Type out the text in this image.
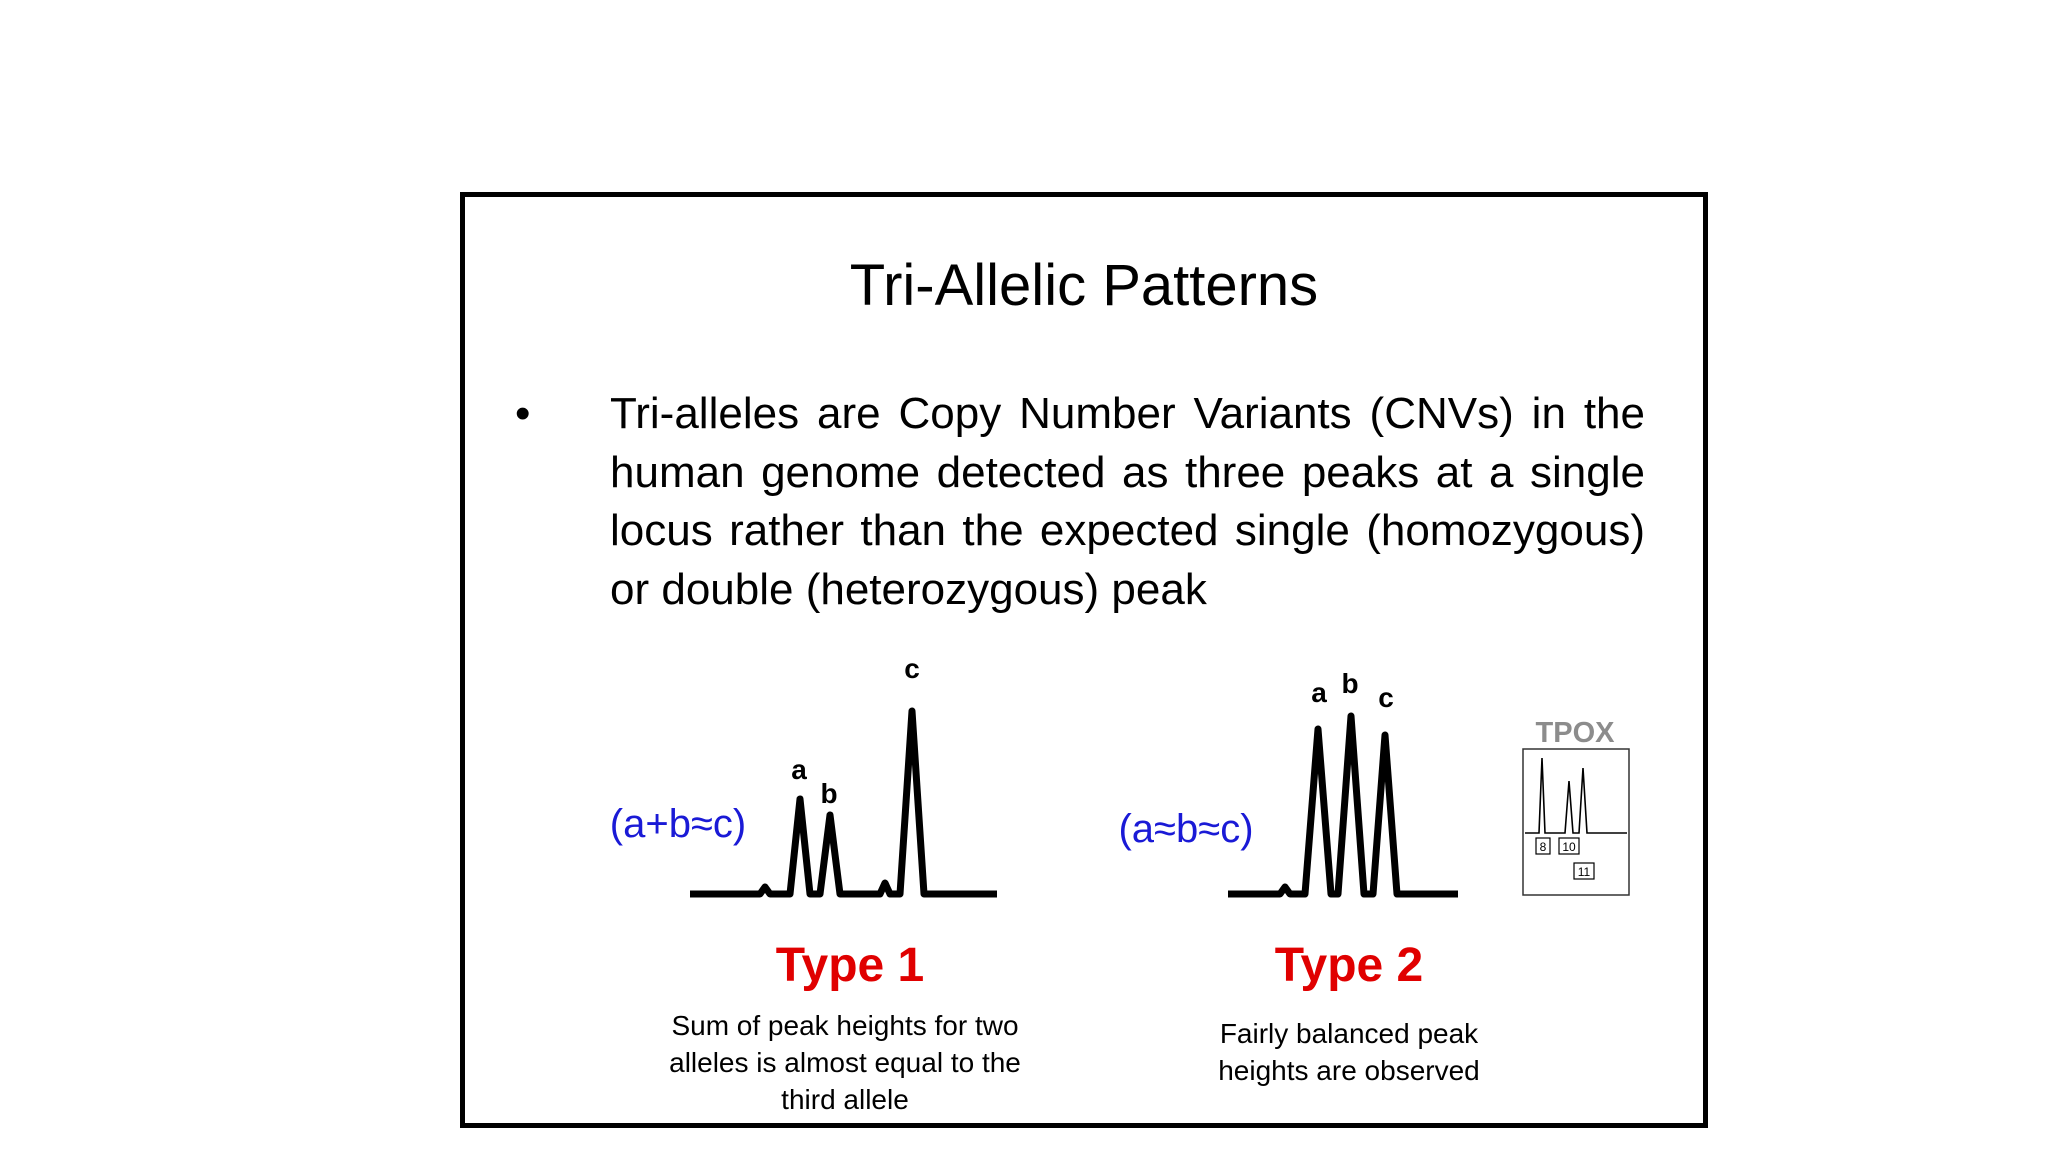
Tri-Allelic Patterns
• Tri-alleles are Copy Number Variants (CNVs) in the human genome detected as three peaks at a single locus rather than the expected single (homozygous) or double (heterozygous) peak
(a+b≈c)
a
b
c
(a≈b≈c)
a b c
TPOX
8 10
11
Type 1
Sum of peak heights for two alleles is almost equal to the third allele
Type 2
Fairly balanced peak heights are observed
